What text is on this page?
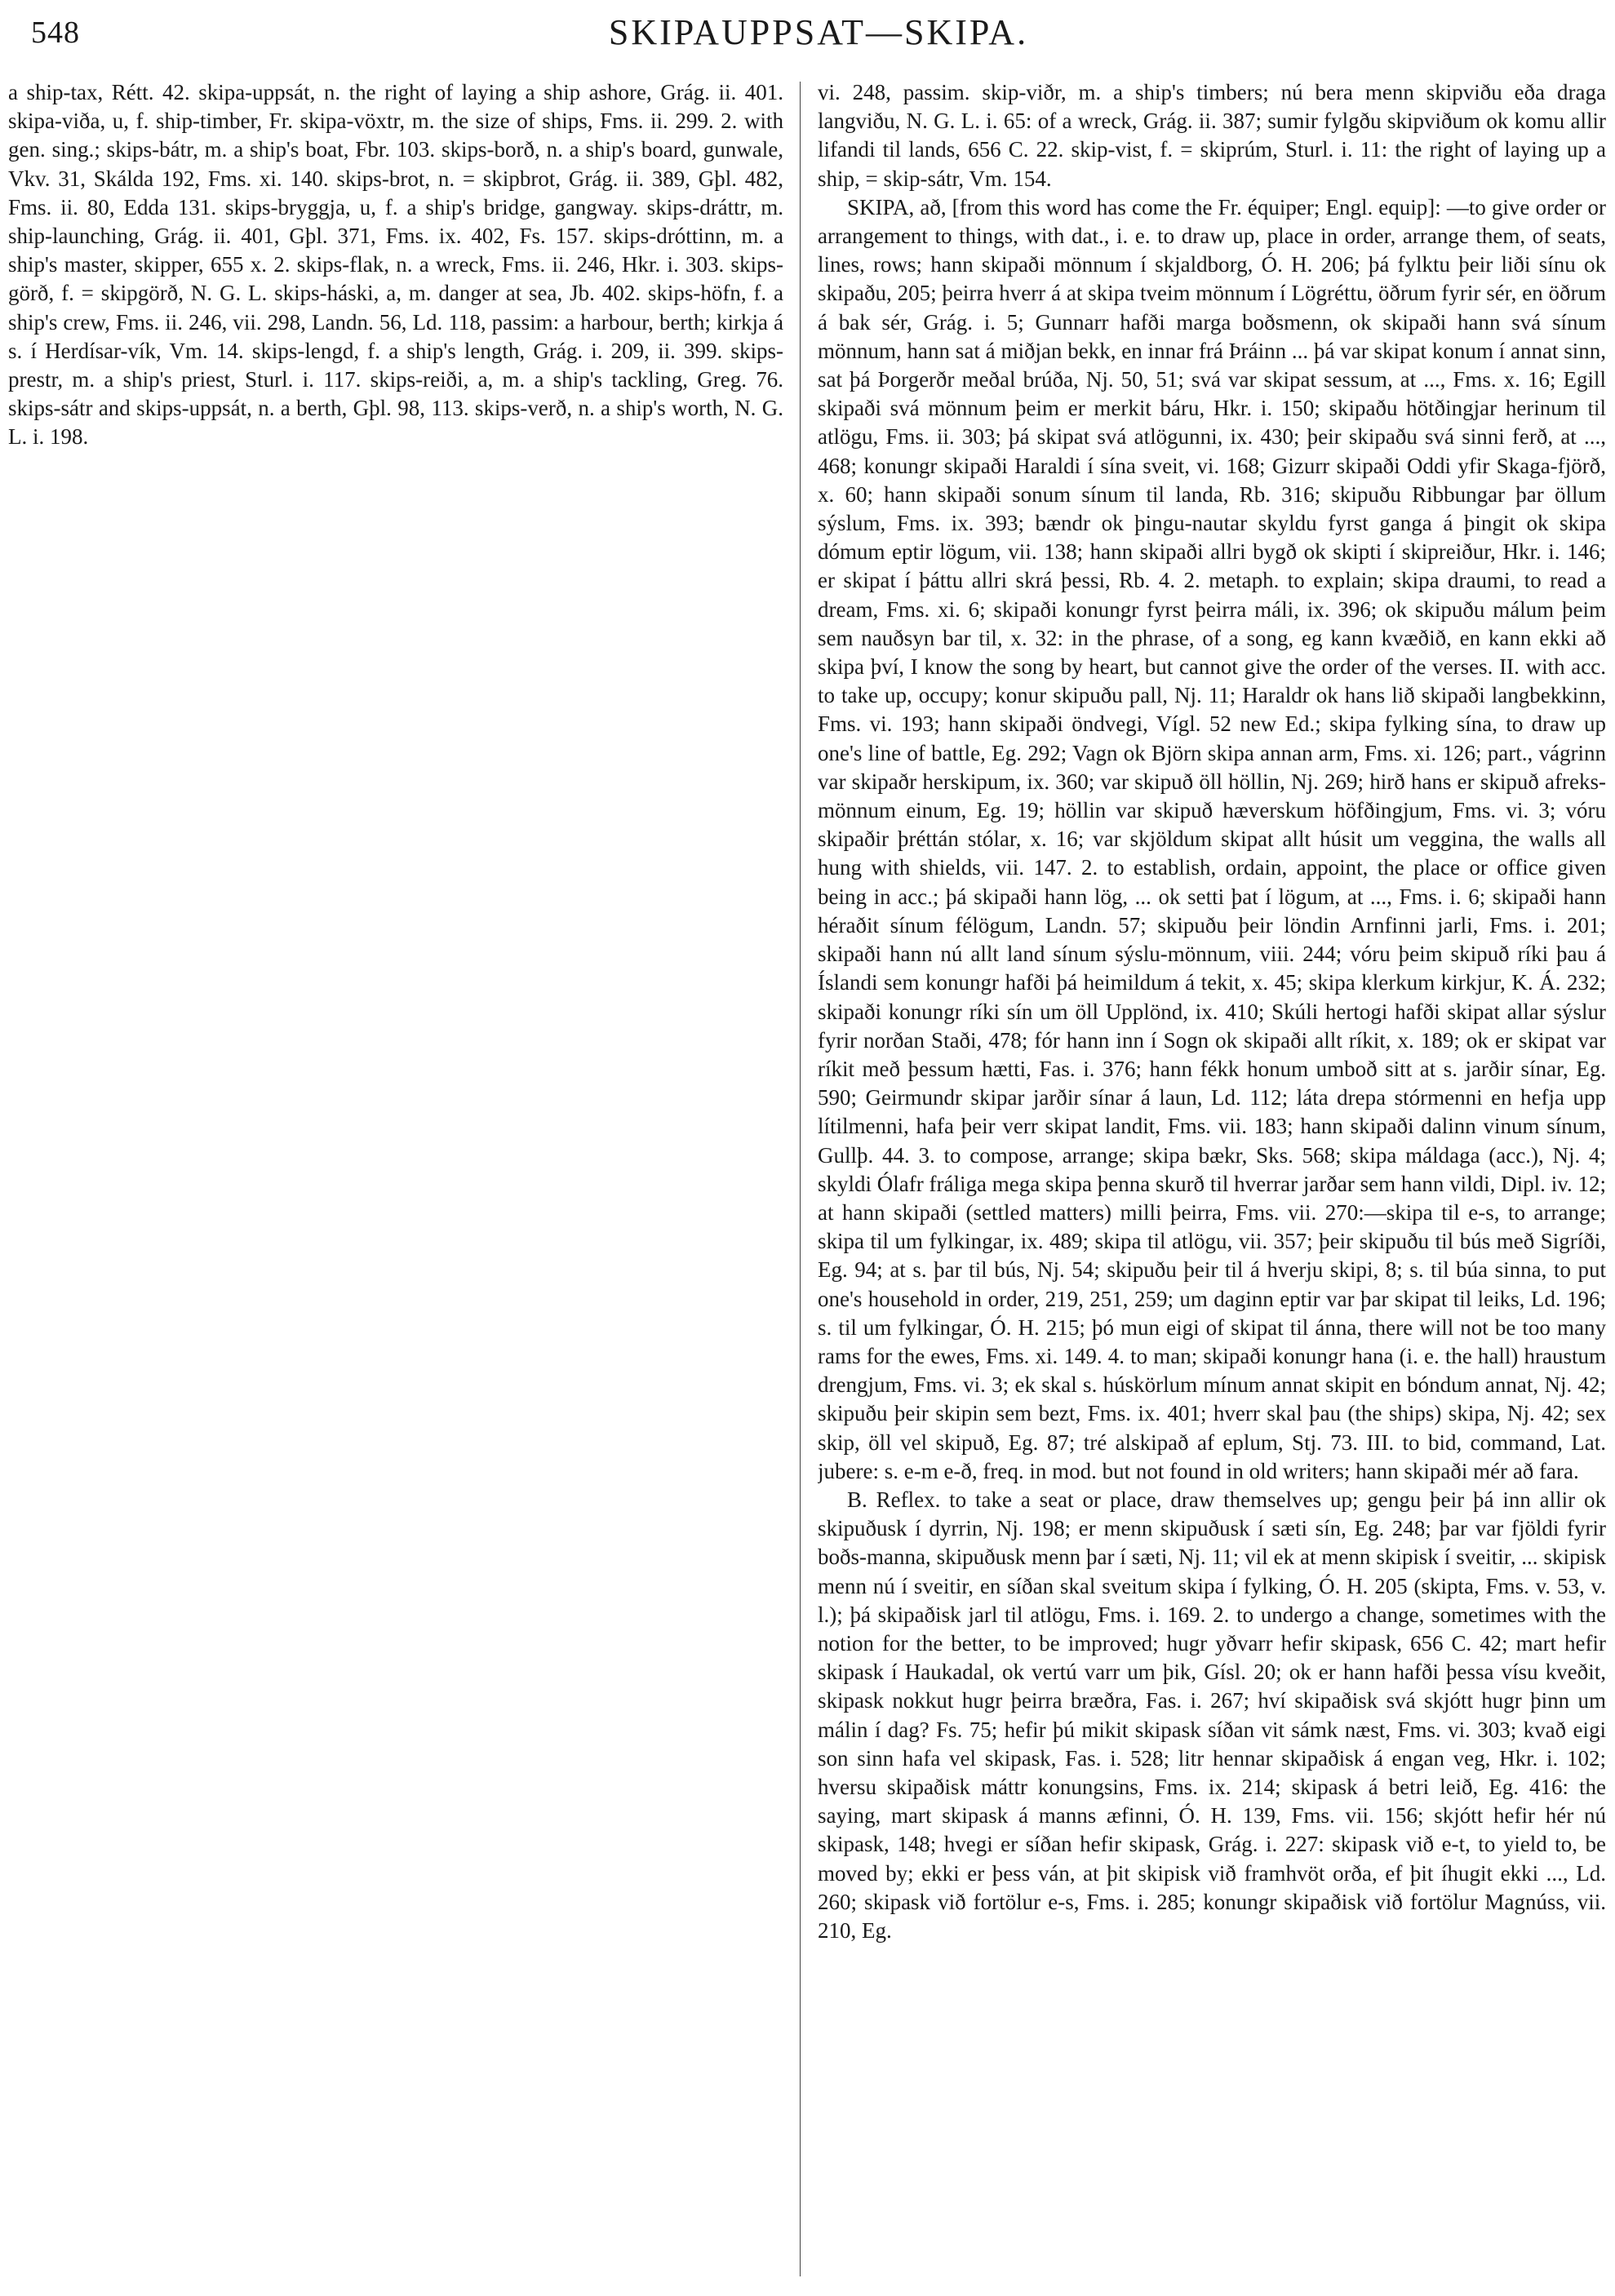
548	SKIPAUPPSAT—SKIPA.

a ship-tax, Rétt. 42. skipa-uppsát, n. the right of laying a ship ashore, Grág. ii. 401. skipa-viða, u, f. ship-timber, Fr. skipa-vöxtr, m. the size of ships, Fms. ii. 299. 2. with gen. sing.; skips-bátr, m. a ship's boat, Fbr. 103. skips-borð, n. a ship's board, gunwale, Vkv. 31, Skálda 192, Fms. xi. 140. skips-brot, n. = skipbrot, Grág. ii. 389, Gþl. 482, Fms. ii. 80, Edda 131. skips-bryggja, u, f. a ship's bridge, gangway. skips-dráttr, m. ship-launching, Grág. ii. 401, Gþl. 371, Fms. ix. 402, Fs. 157. skips-dróttinn, m. a ship's master, skipper, 655 x. 2. skips-flak, n. a wreck, Fms. ii. 246, Hkr. i. 303. skips-görð, f. = skipgörð, N. G. L. skips-háski, a, m. danger at sea, Jb. 402. skips-höfn, f. a ship's crew, Fms. ii. 246, vii. 298, Landn. 56, Ld. 118, passim: a harbour, berth; kirkja á s. í Herdísar-vík, Vm. 14. skips-lengd, f. a ship's length, Grág. i. 209, ii. 399. skips-prestr, m. a ship's priest, Sturl. i. 117. skips-reiði, a, m. a ship's tackling, Greg. 76. skips-sátr and skips-uppsát, n. a berth, Gþl. 98, 113. skips-verð, n. a ship's worth, N. G. L. i. 198.

vi. 248, passim. skip-viðr, m. a ship's timbers; nú bera menn skipviðu eða draga langviðu, N. G. L. i. 65: of a wreck, Grág. ii. 387; sumir fylgðu skipviðum ok komu allir lifandi til lands, 656 C. 22. skip-vist, f. = skiprúm, Sturl. i. 11: the right of laying up a ship, = skip-sátr, Vm. 154.

SKIPA, að, [from this word has come the Fr. équiper; Engl. equip]: —to give order or arrangement to things, with dat., i. e. to draw up, place in order, arrange them, of seats, lines, rows; hann skipaði mönnum í skjaldborg, Ó. H. 206; þá fylktu þeir liði sínu ok skipaðu, 205; þeirra hverr á at skipa tveim mönnum í Lögréttu, öðrum fyrir sér, en öðrum á bak sér, Grág. i. 5; Gunnarr hafði marga boðsmenn, ok skipaði hann svá sínum mönnum, hann sat á miðjan bekk, en innar frá Þráinn ... þá var skipat konum í annat sinn, sat þá Þorgerðr meðal brúða, Nj. 50, 51; svá var skipat sessum, at ..., Fms. x. 16; Egill skipaði svá mönnum þeim er merkit báru, Hkr. i. 150; skipaðu hötðingjar herinum til atlögu, Fms. ii. 303; þá skipat svá atlögunni, ix. 430; þeir skipaðu svá sinni ferð, at ..., 468; konungr skipaði Haraldi í sína sveit, vi. 168; Gizurr skipaði Oddi yfir Skaga-fjörð, x. 60; hann skipaði sonum sínum til landa, Rb. 316; skipuðu Ribbungar þar öllum sýslum, Fms. ix. 393; bændr ok þingu-nautar skyldu fyrst ganga á þingit ok skipa dómum eptir lögum, vii. 138; hann skipaði allri bygð ok skipti í skipreiður, Hkr. i. 146; er skipat í þáttu allri skrá þessi, Rb. 4. 2. metaph. to explain; skipa draumi, to read a dream, Fms. xi. 6; skipaði konungr fyrst þeirra máli, ix. 396; ok skipuðu málum þeim sem nauðsyn bar til, x. 32: in the phrase, of a song, eg kann kvæðið, en kann ekki að skipa því, I know the song by heart, but cannot give the order of the verses. II. with acc. to take up, occupy; konur skipuðu pall, Nj. 11; Haraldr ok hans lið skipaði langbekkinn, Fms. vi. 193; hann skipaði öndvegi, Vígl. 52 new Ed.; skipa fylking sína, to draw up one's line of battle, Eg. 292; Vagn ok Björn skipa annan arm, Fms. xi. 126; part., vágrinn var skipaðr herskipum, ix. 360; var skipuð öll höllin, Nj. 269; hirð hans er skipuð afreks-mönnum einum, Eg. 19; höllin var skipuð hæverskum höfðingjum, Fms. vi. 3; vóru skipaðir þréttán stólar, x. 16; var skjöldum skipat allt húsit um veggina, the walls all hung with shields, vii. 147. 2. to establish, ordain, appoint, the place or office given being in acc.; þá skipaði hann lög, ... ok setti þat í lögum, at ..., Fms. i. 6; skipaði hann héraðit sínum félögum, Landn. 57; skipuðu þeir löndin Arnfinni jarli, Fms. i. 201; skipaði hann nú allt land sínum sýslu-mönnum, viii. 244; vóru þeim skipuð ríki þau á Íslandi sem konungr hafði þá heimildum á tekit, x. 45; skipa klerkum kirkjur, K. Á. 232; skipaði konungr ríki sín um öll Upplönd, ix. 410; Skúli hertogi hafði skipat allar sýslur fyrir norðan Staði, 478; fór hann inn í Sogn ok skipaði allt ríkit, x. 189; ok er skipat var ríkit með þessum hætti, Fas. i. 376; hann fékk honum umboð sitt at s. jarðir sínar, Eg. 590; Geirmundr skipar jarðir sínar á laun, Ld. 112; láta drepa stórmenni en hefja upp lítilmenni, hafa þeir verr skipat landit, Fms. vii. 183; hann skipaði dalinn vinum sínum, Gullþ. 44. 3. to compose, arrange; skipa bækr, Sks. 568; skipa máldaga (acc.), Nj. 4; skyldi Ólafr fráliga mega skipa þenna skurð til hverrar jarðar sem hann vildi, Dipl. iv. 12; at hann skipaði (settled matters) milli þeirra, Fms. vii. 270:—skipa til e-s, to arrange; skipa til um fylkingar, ix. 489; skipa til atlögu, vii. 357; þeir skipuðu til bús með Sigríði, Eg. 94; at s. þar til bús, Nj. 54; skipuðu þeir til á hverju skipi, 8; s. til búa sinna, to put one's household in order, 219, 251, 259; um daginn eptir var þar skipat til leiks, Ld. 196; s. til um fylkingar, Ó. H. 215; þó mun eigi of skipat til ánna, there will not be too many rams for the ewes, Fms. xi. 149. 4. to man; skipaði konungr hana (i. e. the hall) hraustum drengjum, Fms. vi. 3; ek skal s. húskörlum mínum annat skipit en bóndum annat, Nj. 42; skipuðu þeir skipin sem bezt, Fms. ix. 401; hverr skal þau (the ships) skipa, Nj. 42; sex skip, öll vel skipuð, Eg. 87; tré alskipað af eplum, Stj. 73. III. to bid, command, Lat. jubere: s. e-m e-ð, freq. in mod. but not found in old writers; hann skipaði mér að fara.

B. Reflex. to take a seat or place, draw themselves up; gengu þeir þá inn allir ok skipuðusk í dyrrin, Nj. 198; er menn skipuðusk í sæti sín, Eg. 248; þar var fjöldi fyrir boðs-manna, skipuðusk menn þar í sæti, Nj. 11; vil ek at menn skipisk í sveitir, ... skipisk menn nú í sveitir, en síðan skal sveitum skipa í fylking, Ó. H. 205 (skipta, Fms. v. 53, v. l.); þá skipaðisk jarl til atlögu, Fms. i. 169. 2. to undergo a change, sometimes with the notion for the better, to be improved; hugr yðvarr hefir skipask, 656 C. 42; mart hefir skipask í Haukadal, ok vertú varr um þik, Gísl. 20; ok er hann hafði þessa vísu kveðit, skipask nokkut hugr þeirra bræðra, Fas. i. 267; hví skipaðisk svá skjótt hugr þinn um málin í dag? Fs. 75; hefir þú mikit skipask síðan vit sámk næst, Fms. vi. 303; kvað eigi son sinn hafa vel skipask, Fas. i. 528; litr hennar skipaðisk á engan veg, Hkr. i. 102; hversu skipaðisk máttr konungsins, Fms. ix. 214; skipask á betri leið, Eg. 416: the saying, mart skipask á manns æfinni, Ó. H. 139, Fms. vii. 156; skjótt hefir hér nú skipask, 148; hvegi er síðan hefir skipask, Grág. i. 227: skipask við e-t, to yield to, be moved by; ekki er þess ván, at þit skipisk við framhvöt orða, ef þit íhugit ekki ..., Ld. 260; skipask við fortölur e-s, Fms. i. 285; konungr skipaðisk við fortölur Magnúss, vii. 210, Eg.
